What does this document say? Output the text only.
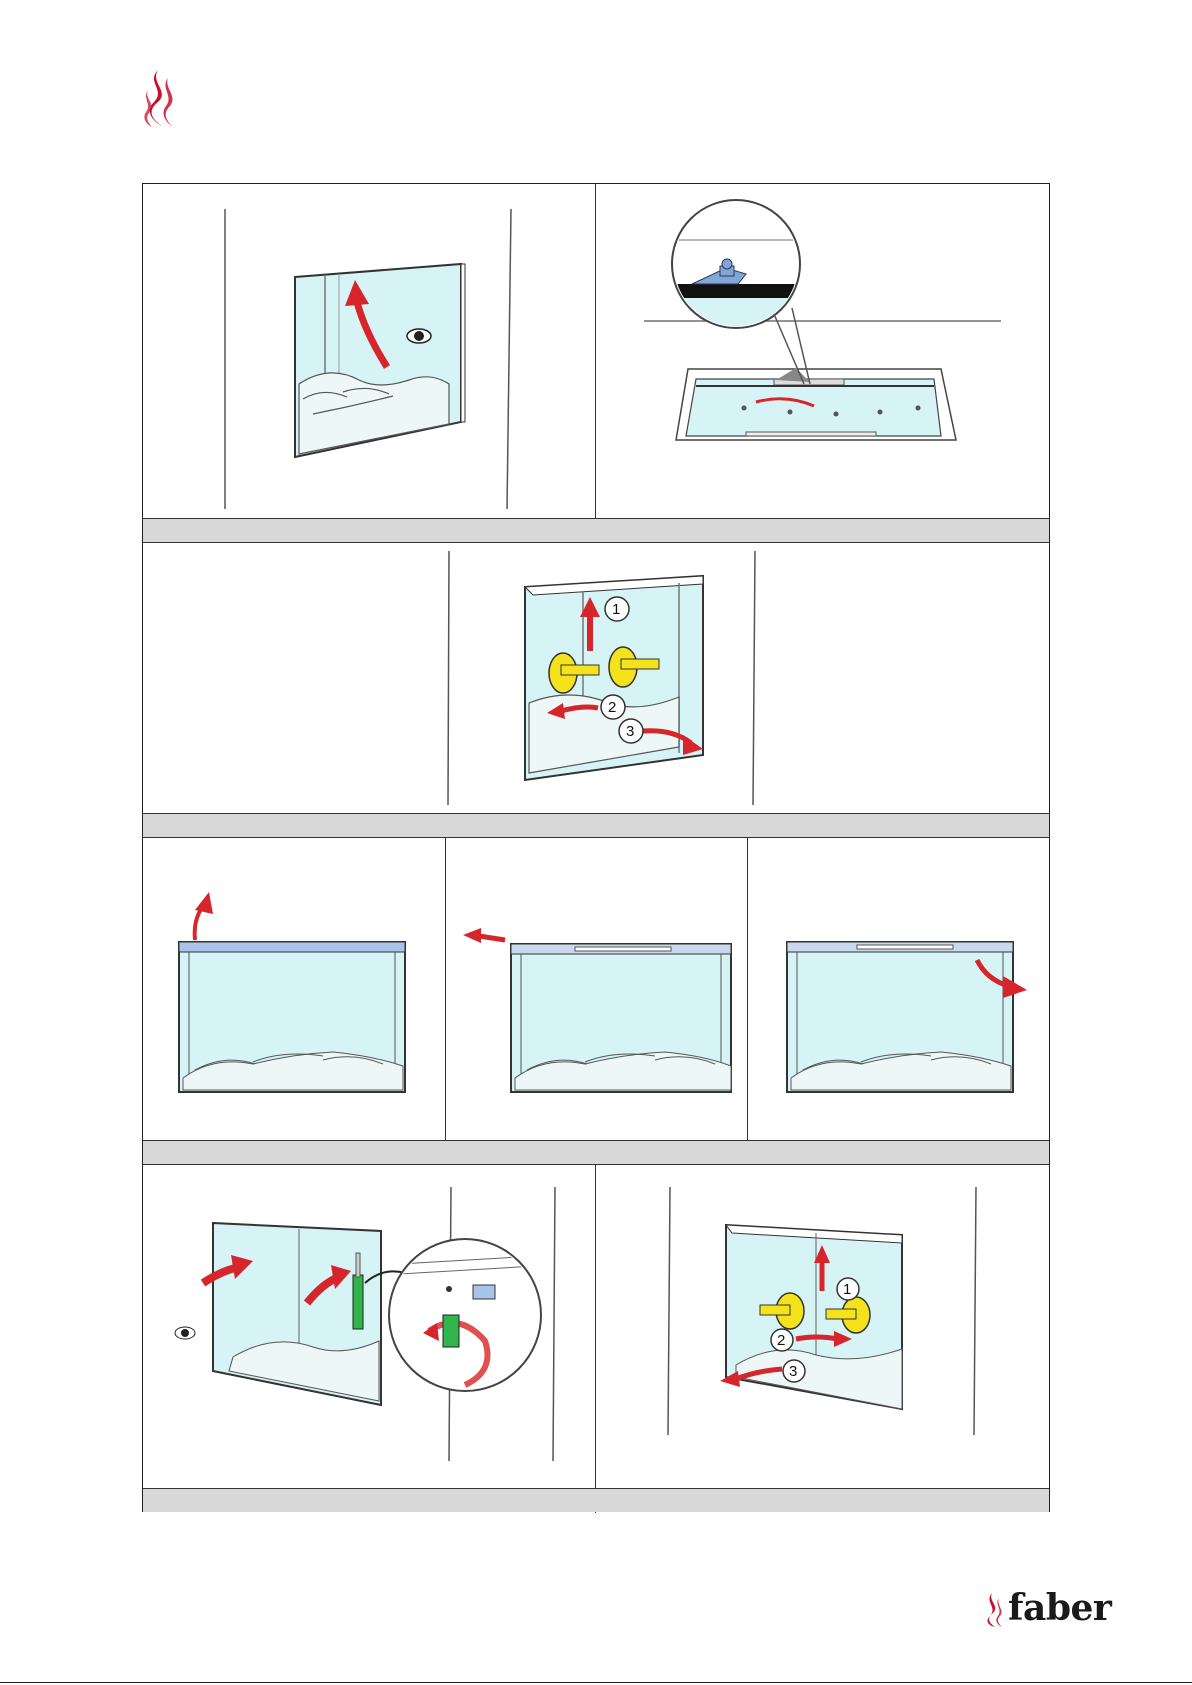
1
2
3
1
2
3
faber
